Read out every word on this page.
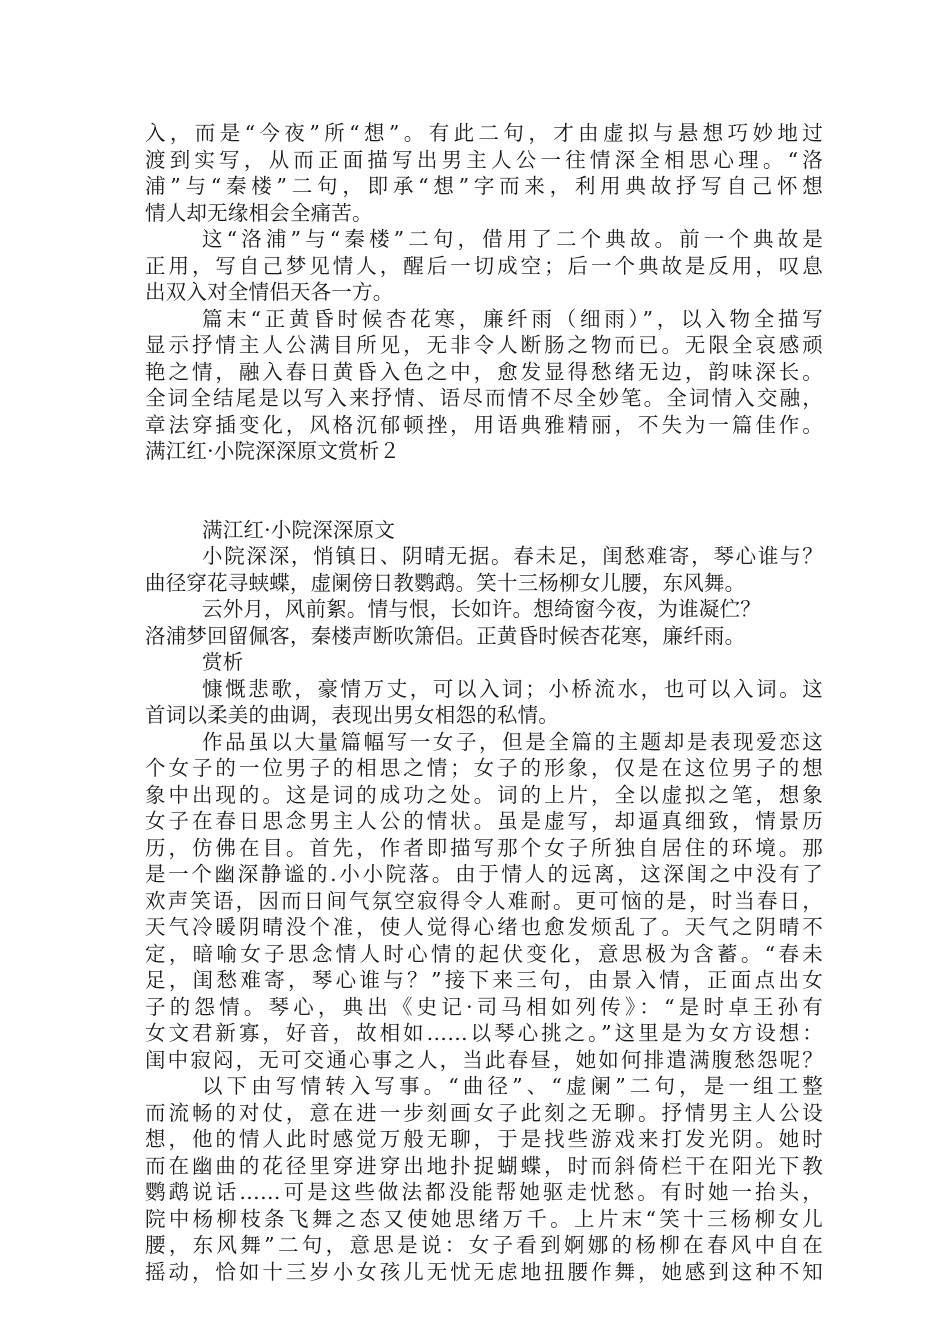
入，而是“今夜”所“想”。有此二句，才由虚拟与悬想巧妙地过
渡到实写，从而正面描写出男主人公一往情深全相思心理。“洛
浦”与“秦楼”二句，即承“想”字而来，利用典故抒写自己怀想
情人却无缘相会全痛苦。
这“洛浦”与“秦楼”二句，借用了二个典故。前一个典故是
正用，写自己梦见情人，醒后一切成空；后一个典故是反用，叹息
出双入对全情侣天各一方。
篇末“正黄昏时候杏花寒，廉纤雨（细雨）”，以入物全描写
显示抒情主人公满目所见，无非令人断肠之物而已。无限全哀感顽
艳之情，融入春日黄昏入色之中，愈发显得愁绪无边，韵味深长。
全词全结尾是以写入来抒情、语尽而情不尽全妙笔。全词情入交融，
章法穿插变化，风格沉郁顿挫，用语典雅精丽，不失为一篇佳作。
满江红·小院深深原文赏析２
满江红·小院深深原文
小院深深，悄镇日、阴晴无据。春未足，闺愁难寄，琴心谁与？
曲径穿花寻蛱蝶，虚阑傍日教鹦鹉。笑十三杨柳女儿腰，东风舞。
云外月，风前絮。情与恨，长如许。想绮窗今夜，为谁凝伫？
洛浦梦回留佩客，秦楼声断吹箫侣。正黄昏时候杏花寒，廉纤雨。
赏析
慷慨悲歌，豪情万丈，可以入词；小桥流水，也可以入词。这
首词以柔美的曲调，表现出男女相怨的私情。
作品虽以大量篇幅写一女子，但是全篇的主题却是表现爱恋这
个女子的一位男子的相思之情；女子的形象，仅是在这位男子的想
象中出现的。这是词的成功之处。词的上片，全以虚拟之笔，想象
女子在春日思念男主人公的情状。虽是虚写，却逼真细致，情景历
历，仿佛在目。首先，作者即描写那个女子所独自居住的环境。那
是一个幽深静谧的.小小院落。由于情人的远离，这深闺之中没有了
欢声笑语，因而日间气氛空寂得令人难耐。更可恼的是，时当春日，
天气冷暖阴晴没个准，使人觉得心绪也愈发烦乱了。天气之阴晴不
定，暗喻女子思念情人时心情的起伏变化，意思极为含蓄。“春未
足，闺愁难寄，琴心谁与？”接下来三句，由景入情，正面点出女
子的怨情。琴心，典出《史记·司马相如列传》：“是时卓王孙有
女文君新寡，好音，故相如……以琴心挑之。”这里是为女方设想：
闺中寂闷，无可交通心事之人，当此春昼，她如何排遣满腹愁怨呢？
以下由写情转入写事。“曲径”、“虚阑”二句，是一组工整
而流畅的对仗，意在进一步刻画女子此刻之无聊。抒情男主人公设
想，他的情人此时感觉万般无聊，于是找些游戏来打发光阴。她时
而在幽曲的花径里穿进穿出地扑捉蝴蝶，时而斜倚栏干在阳光下教
鹦鹉说话……可是这些做法都没能帮她驱走忧愁。有时她一抬头，
院中杨柳枝条飞舞之态又使她思绪万千。上片末“笑十三杨柳女儿
腰，东风舞”二句，意思是说：女子看到婀娜的杨柳在春风中自在
摇动，恰如十三岁小女孩儿无忧无虑地扭腰作舞，她感到这种不知
